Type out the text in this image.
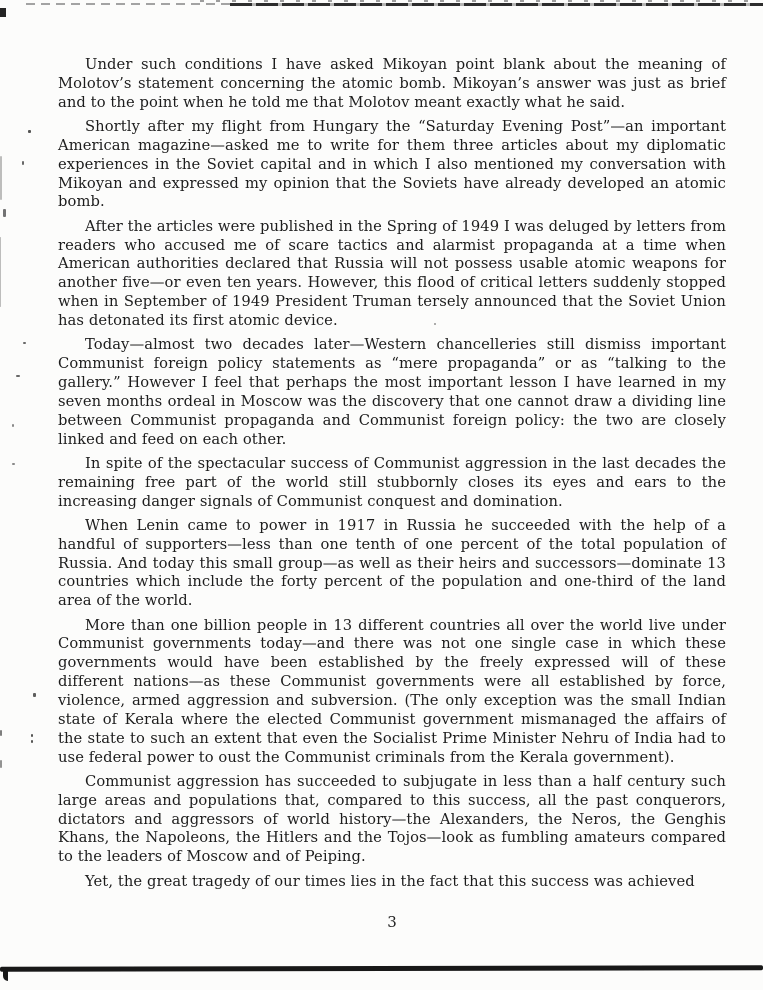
Under such conditions I have asked Mikoyan point blank about the meaning of Molotov’s statement concerning the atomic bomb. Mikoyan’s answer was just as brief and to the point when he told me that Molotov meant exactly what he said.

Shortly after my flight from Hungary the “Saturday Evening Post”—an important American magazine—asked me to write for them three articles about my diplomatic experiences in the Soviet capital and in which I also mentioned my conversation with Mikoyan and expressed my opinion that the Soviets have already developed an atomic bomb.

After the articles were published in the Spring of 1949 I was deluged by letters from readers who accused me of scare tactics and alarmist propaganda at a time when American authorities declared that Russia will not possess usable atomic weapons for another five—or even ten years. However, this flood of critical letters suddenly stopped when in September of 1949 President Truman tersely announced that the Soviet Union has detonated its first atomic device.

Today—almost two decades later—Western chancelleries still dismiss important Communist foreign policy statements as “mere propaganda” or as “talking to the gallery.” However I feel that perhaps the most important lesson I have learned in my seven months ordeal in Moscow was the discovery that one cannot draw a dividing line between Communist propaganda and Communist foreign policy: the two are closely linked and feed on each other.

In spite of the spectacular success of Communist aggression in the last decades the remaining free part of the world still stubbornly closes its eyes and ears to the increasing danger signals of Communist conquest and domination.

When Lenin came to power in 1917 in Russia he succeeded with the help of a handful of supporters—less than one tenth of one percent of the total population of Russia. And today this small group—as well as their heirs and successors—dominate 13 countries which include the forty percent of the population and one-third of the land area of the world.

More than one billion people in 13 different countries all over the world live under Communist governments today—and there was not one single case in which these governments would have been established by the freely expressed will of these different nations—as these Communist governments were all established by force, violence, armed aggression and subversion. (The only exception was the small Indian state of Kerala where the elected Communist government mismanaged the affairs of the state to such an extent that even the Socialist Prime Minister Nehru of India had to use federal power to oust the Communist criminals from the Kerala government).

Communist aggression has succeeded to subjugate in less than a half century such large areas and populations that, compared to this success, all the past conquerors, dictators and aggressors of world history—the Alexanders, the Neros, the Genghis Khans, the Napoleons, the Hitlers and the Tojos—look as fumbling amateurs compared to the leaders of Moscow and of Peiping.

Yet, the great tragedy of our times lies in the fact that this success was achieved

3
